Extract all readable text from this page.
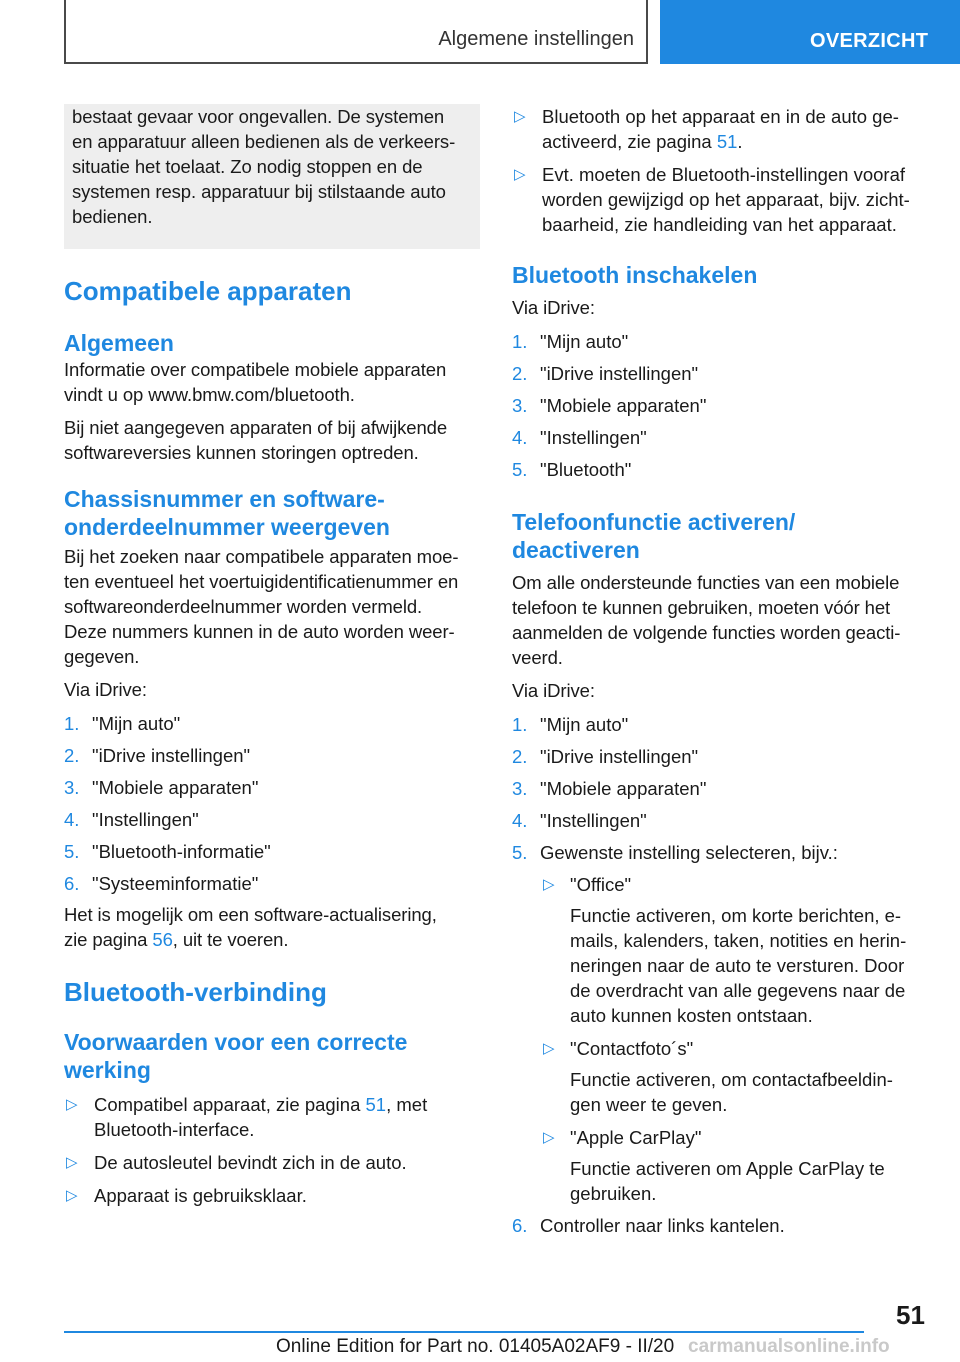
Algemene instellingen	OVERZICHT

bestaat gevaar voor ongevallen. De systemen

en apparatuur alleen bedienen als de verkeers-

situatie het toelaat. Zo nodig stoppen en de

systemen resp. apparatuur bij stilstaande auto

bedienen.

Compatibele apparaten
Algemeen

Informatie over compatibele mobiele apparaten
vindt u op www.bmw.com/bluetooth.

Bij niet aangegeven apparaten of bij afwijkende
softwareversies kunnen storingen optreden.

Chassisnummer en software-
onderdeelnummer weergeven

Bij het zoeken naar compatibele apparaten moe-
ten eventueel het voertuigidentificatienummer en
softwareonderdeelnummer worden vermeld.
Deze nummers kunnen in de auto worden weer-
gegeven.

Via iDrive:

1. "Mijn auto"
2. "iDrive instellingen"
3. "Mobiele apparaten"
4. "Instellingen"
5. "Bluetooth-informatie"
6. "Systeeminformatie"

Het is mogelijk om een software-actualisering,
zie pagina 56, uit te voeren.

Bluetooth-verbinding
Voorwaarden voor een correcte
werking
▷ Compatibel apparaat, zie pagina 51, met
Bluetooth-interface.
▷ De autosleutel bevindt zich in de auto.
▷ Apparaat is gebruiksklaar.
▷ Bluetooth op het apparaat en in de auto ge-
activeerd, zie pagina 51.
▷ Evt. moeten de Bluetooth-instellingen vooraf
worden gewijzigd op het apparaat, bijv. zicht-
baarheid, zie handleiding van het apparaat.
Bluetooth inschakelen

Via iDrive:

1. "Mijn auto"
2. "iDrive instellingen"
3. "Mobiele apparaten"
4. "Instellingen"
5. "Bluetooth"
Telefoonfunctie activeren/
deactiveren

Om alle ondersteunde functies van een mobiele
telefoon te kunnen gebruiken, moeten vóór het
aanmelden de volgende functies worden geacti-
veerd.

Via iDrive:

1. "Mijn auto"
2. "iDrive instellingen"
3. "Mobiele apparaten"
4. "Instellingen"
5. Gewenste instelling selecteren, bijv.:
▷ "Office"
Functie activeren, om korte berichten, e-
mails, kalenders, taken, notities en herin-
neringen naar de auto te versturen. Door
de overdracht van alle gegevens naar de
auto kunnen kosten ontstaan.
▷ "Contactfoto´s"
Functie activeren, om contactafbeeldin-
gen weer te geven.
▷ "Apple CarPlay"
Functie activeren om Apple CarPlay te
gebruiken.
6. Controller naar links kantelen.
51
Online Edition for Part no. 01405A02AF9 - II/20 carmanualsonline.info
